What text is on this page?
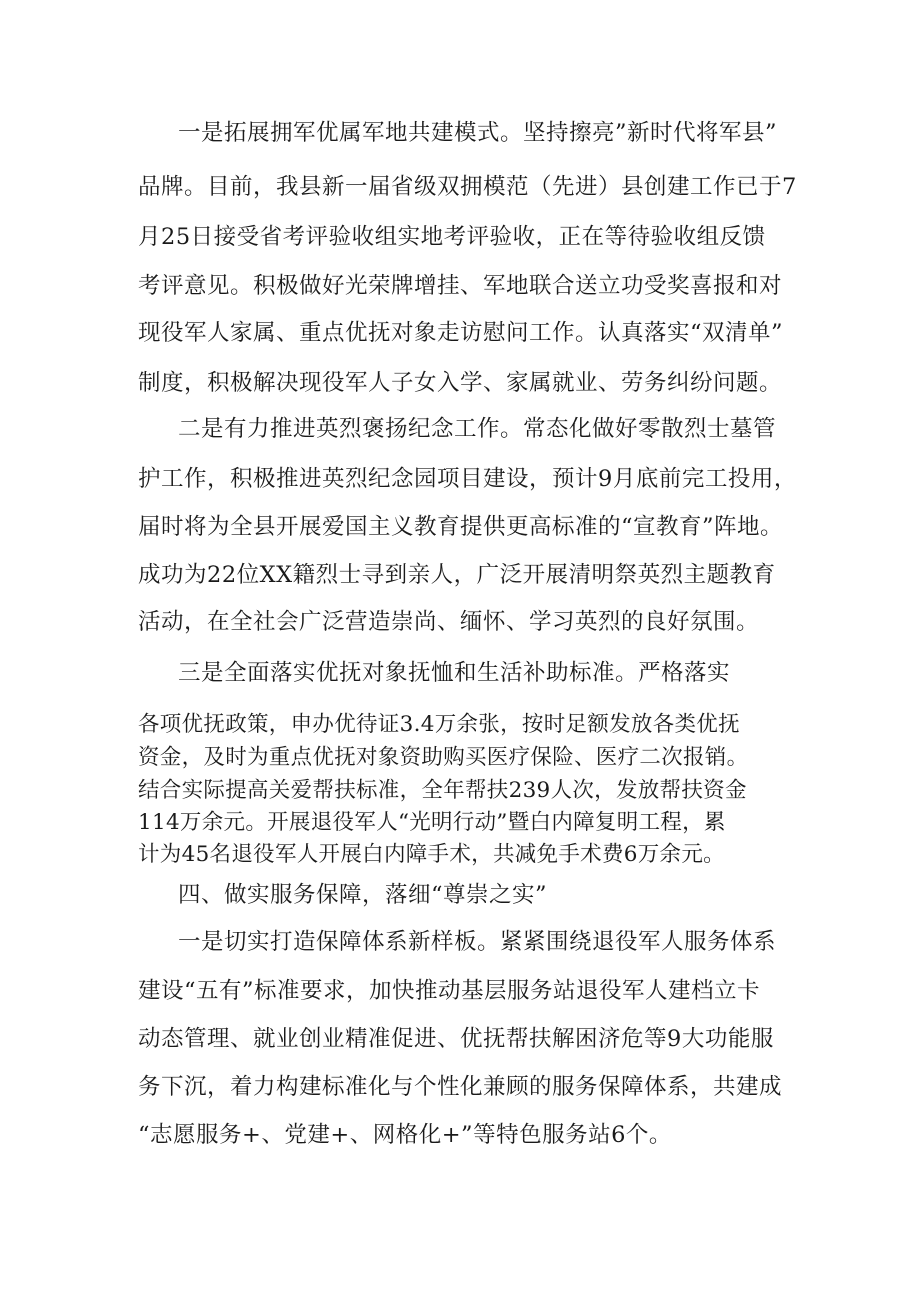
一是拓展拥军优属军地共建模式。坚持擦亮”新时代将军县”
品牌。目前，我县新一届省级双拥模范（先进）县创建工作已于7
月25日接受省考评验收组实地考评验收，正在等待验收组反馈
考评意见。积极做好光荣牌增挂、军地联合送立功受奖喜报和对
现役军人家属、重点优抚对象走访慰问工作。认真落实“双清单”
制度，积极解决现役军人子女入学、家属就业、劳务纠纷问题。
二是有力推进英烈褒扬纪念工作。常态化做好零散烈士墓管
护工作，积极推进英烈纪念园项目建设，预计9月底前完工投用，
届时将为全县开展爱国主义教育提供更高标准的“宣教育”阵地。
成功为22位XX籍烈士寻到亲人，广泛开展清明祭英烈主题教育
活动，在全社会广泛营造崇尚、缅怀、学习英烈的良好氛围。
三是全面落实优抚对象抚恤和生活补助标准。严格落实
各项优抚政策，申办优待证3.4万余张，按时足额发放各类优抚
资金，及时为重点优抚对象资助购买医疗保险、医疗二次报销。
结合实际提高关爱帮扶标准，全年帮扶239人次，发放帮扶资金
114万余元。开展退役军人“光明行动”暨白内障复明工程，累
计为45名退役军人开展白内障手术，共减免手术费6万余元。
四、做实服务保障，落细“尊崇之实”
一是切实打造保障体系新样板。紧紧围绕退役军人服务体系
建设“五有”标准要求，加快推动基层服务站退役军人建档立卡
动态管理、就业创业精准促进、优抚帮扶解困济危等9大功能服
务下沉，着力构建标准化与个性化兼顾的服务保障体系，共建成
“志愿服务+、党建+、网格化+”等特色服务站6个。
